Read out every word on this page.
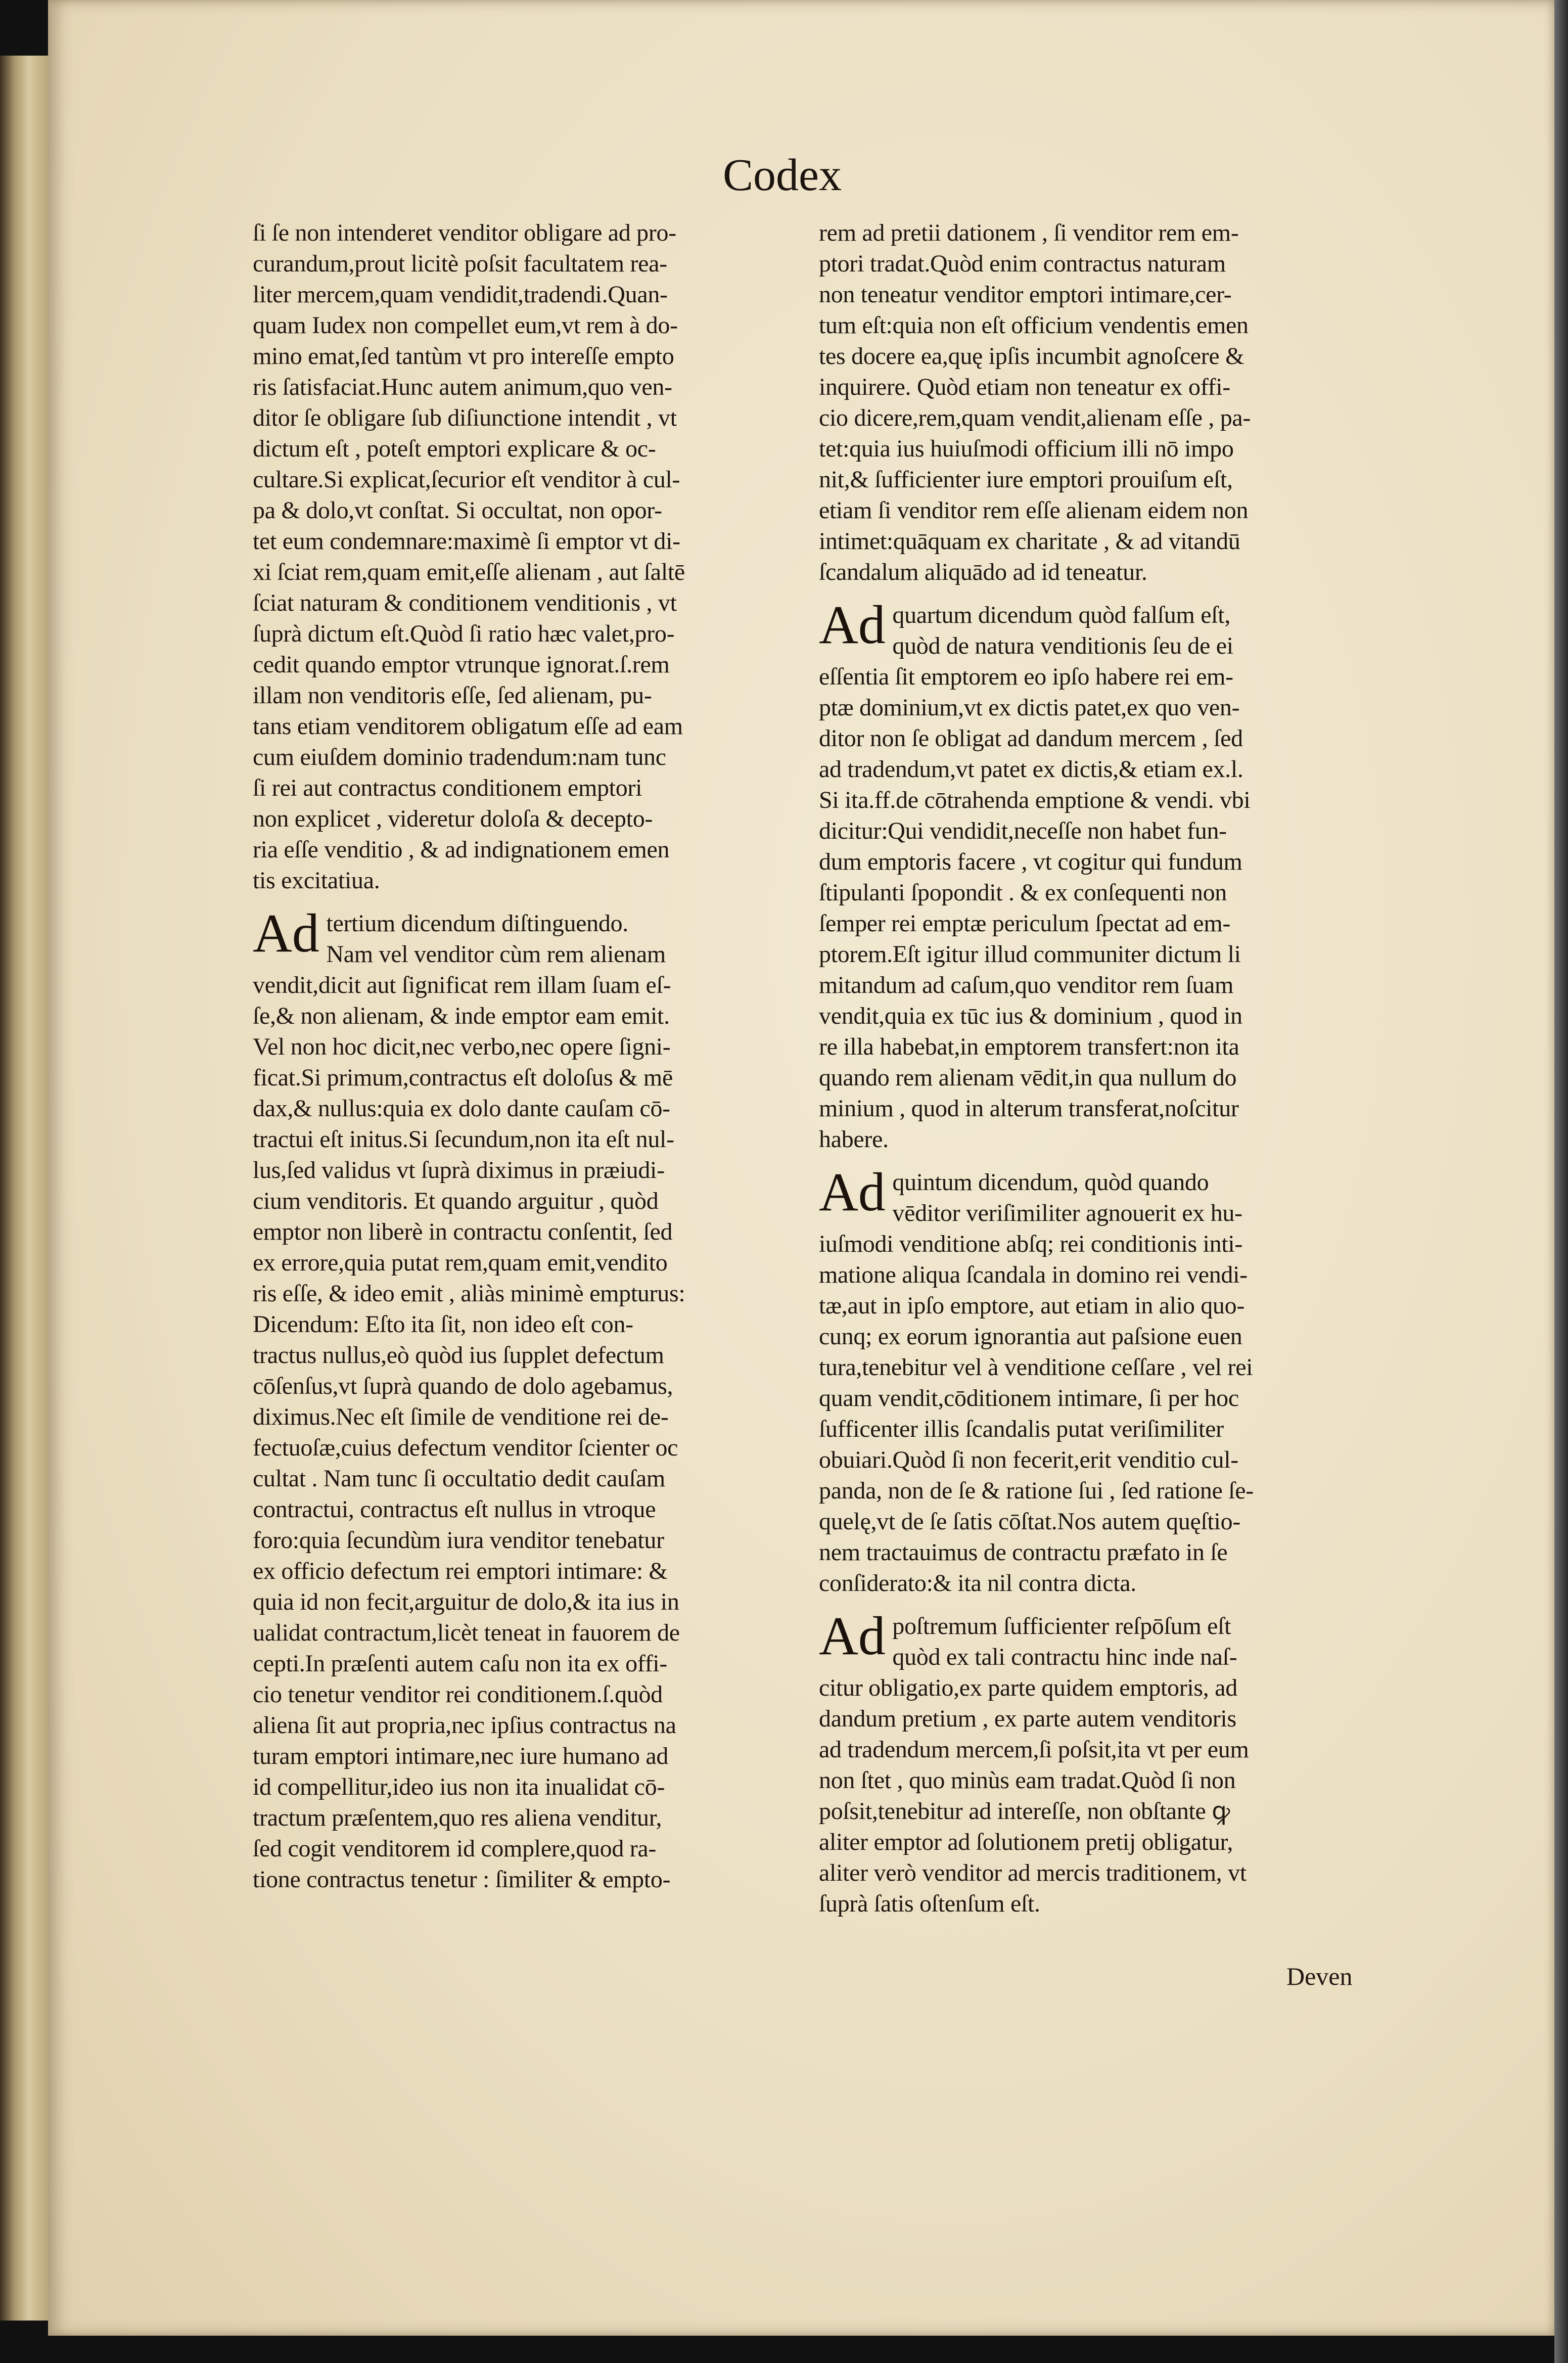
Codex
ſi ſe non intenderet venditor obligare ad pro-
curandum,prout licitè poſsit facultatem rea-
liter mercem,quam vendidit,tradendi.Quan-
quam Iudex non compellet eum,vt rem à do-
mino emat,ſed tantùm vt pro intereſſe empto
ris ſatisfaciat.Hunc autem animum,quo ven-
ditor ſe obligare ſub diſiunctione intendit , vt
dictum eſt , poteſt emptori explicare & oc-
cultare.Si explicat,ſecurior eſt venditor à cul-
pa & dolo,vt conſtat. Si occultat, non opor-
tet eum condemnare:maximè ſi emptor vt di-
xi ſciat rem,quam emit,eſſe alienam , aut ſaltē
ſciat naturam & conditionem venditionis , vt
ſuprà dictum eſt.Quòd ſi ratio hæc valet,pro-
cedit quando emptor vtrunque ignorat.ſ.rem
illam non venditoris eſſe, ſed alienam, pu-
tans etiam venditorem obligatum eſſe ad eam
cum eiuſdem dominio tradendum:nam tunc
ſi rei aut contractus conditionem emptori
non explicet , videretur doloſa & decepto-
ria eſſe venditio , & ad indignationem emen
tis excitatiua.
Ad tertium dicendum diſtinguendo.
Nam vel venditor cùm rem alienam
vendit,dicit aut ſignificat rem illam ſuam eſ-
ſe,& non alienam, & inde emptor eam emit.
Vel non hoc dicit,nec verbo,nec opere ſigni-
ficat.Si primum,contractus eſt doloſus & mē
dax,& nullus:quia ex dolo dante cauſam cō-
tractui eſt initus.Si ſecundum,non ita eſt nul-
lus,ſed validus vt ſuprà diximus in præiudi-
cium venditoris. Et quando arguitur , quòd
emptor non liberè in contractu conſentit, ſed
ex errore,quia putat rem,quam emit,vendito
ris eſſe, & ideo emit , aliàs minimè empturus:
Dicendum: Eſto ita ſit, non ideo eſt con-
tractus nullus,eò quòd ius ſupplet defectum
cōſenſus,vt ſuprà quando de dolo agebamus,
diximus.Nec eſt ſimile de venditione rei de-
fectuoſæ,cuius defectum venditor ſcienter oc
cultat . Nam tunc ſi occultatio dedit cauſam
contractui, contractus eſt nullus in vtroque
foro:quia ſecundùm iura venditor tenebatur
ex officio defectum rei emptori intimare: &
quia id non fecit,arguitur de dolo,& ita ius in
ualidat contractum,licèt teneat in fauorem de
cepti.In præſenti autem caſu non ita ex offi-
cio tenetur venditor rei conditionem.ſ.quòd
aliena ſit aut propria,nec ipſius contractus na
turam emptori intimare,nec iure humano ad
id compellitur,ideo ius non ita inualidat cō-
tractum præſentem,quo res aliena venditur,
ſed cogit venditorem id complere,quod ra-
tione contractus tenetur : ſimiliter & empto-
rem ad pretii dationem , ſi venditor rem em-
ptori tradat.Quòd enim contractus naturam
non teneatur venditor emptori intimare,cer-
tum eſt:quia non eſt officium vendentis emen
tes docere ea,quę ipſis incumbit agnoſcere &
inquirere. Quòd etiam non teneatur ex offi-
cio dicere,rem,quam vendit,alienam eſſe , pa-
tet:quia ius huiuſmodi officium illi nō impo
nit,& ſufficienter iure emptori prouiſum eſt,
etiam ſi venditor rem eſſe alienam eidem non
intimet:quāquam ex charitate , & ad vitandū
ſcandalum aliquādo ad id teneatur.
Ad quartum dicendum quòd falſum eſt,
quòd de natura venditionis ſeu de ei
eſſentia ſit emptorem eo ipſo habere rei em-
ptæ dominium,vt ex dictis patet,ex quo ven-
ditor non ſe obligat ad dandum mercem , ſed
ad tradendum,vt patet ex dictis,& etiam ex.l.
Si ita.ff.de cōtrahenda emptione & vendi. vbi
dicitur:Qui vendidit,neceſſe non habet fun-
dum emptoris facere , vt cogitur qui fundum
ſtipulanti ſpopondit . & ex conſequenti non
ſemper rei emptæ periculum ſpectat ad em-
ptorem.Eſt igitur illud communiter dictum li
mitandum ad caſum,quo venditor rem ſuam
vendit,quia ex tūc ius & dominium , quod in
re illa habebat,in emptorem transfert:non ita
quando rem alienam vēdit,in qua nullum do
minium , quod in alterum transferat,noſcitur
habere.
Ad quintum dicendum, quòd quando
vēditor veriſimiliter agnouerit ex hu-
iuſmodi venditione abſq; rei conditionis inti-
matione aliqua ſcandala in domino rei vendi-
tæ,aut in ipſo emptore, aut etiam in alio quo-
cunq; ex eorum ignorantia aut paſsione euen
tura,tenebitur vel à venditione ceſſare , vel rei
quam vendit,cōditionem intimare, ſi per hoc
ſufficenter illis ſcandalis putat veriſimiliter
obuiari.Quòd ſi non fecerit,erit venditio cul-
panda, non de ſe & ratione ſui , ſed ratione ſe-
quelę,vt de ſe ſatis cōſtat.Nos autem quęſtio-
nem tractauimus de contractu præfato in ſe
conſiderato:& ita nil contra dicta.
Ad poſtremum ſufficienter reſpōſum eſt
quòd ex tali contractu hinc inde naſ-
citur obligatio,ex parte quidem emptoris, ad
dandum pretium , ex parte autem venditoris
ad tradendum mercem,ſi poſsit,ita vt per eum
non ſtet , quo minùs eam tradat.Quòd ſi non
poſsit,tenebitur ad intereſſe, non obſtante ꝙ
aliter emptor ad ſolutionem pretij obligatur,
aliter verò venditor ad mercis traditionem, vt
ſuprà ſatis oſtenſum eſt.
Deven
